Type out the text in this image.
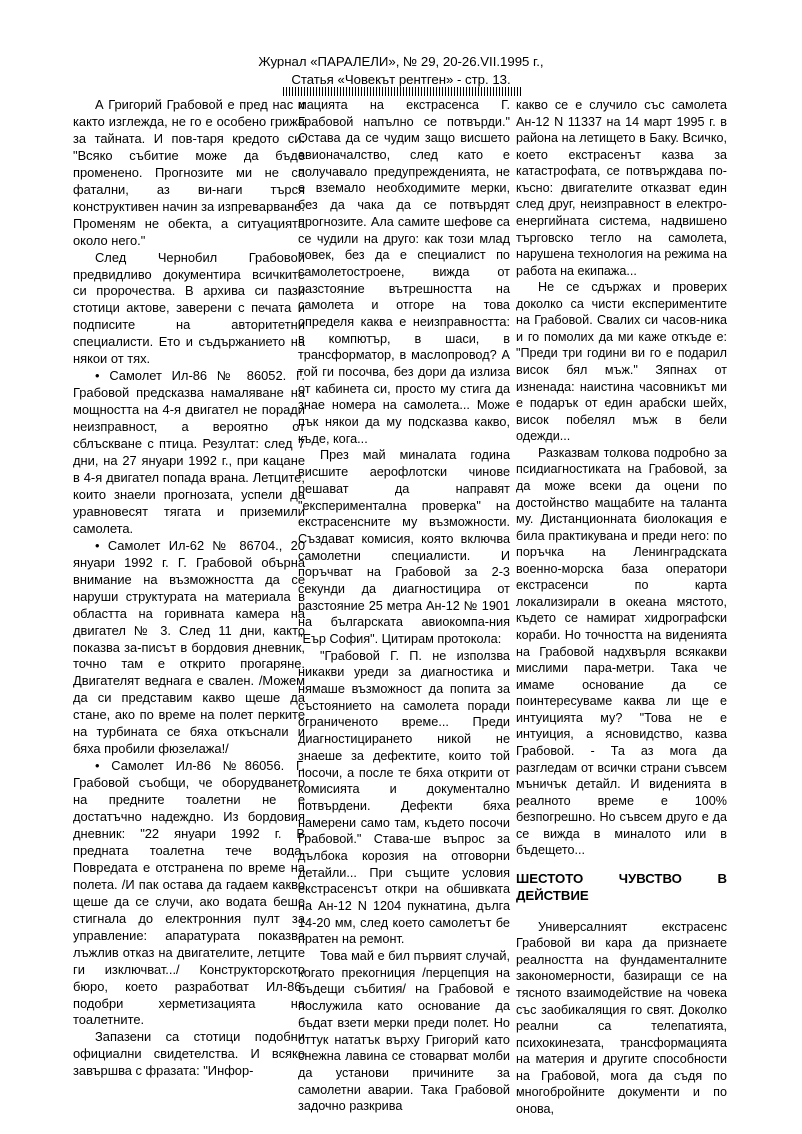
Журнал «ПАРАЛЕЛИ», № 29, 20-26.VII.1995 г.,
Статья «Човекът рентген» - стр. 13.

А Григорий Грабовой е пред нас и както изглежда, не го е особено грижа за тайната. И пов-таря кредото си: "Всяко събитие може да бъде променено. Прогнозите ми не са фатални, аз ви-наги търся конструктивен начин за изпреварване. Променям не обекта, а ситуацията около него."

След Чернобил Грабовой предвидливо документира всичките си пророчества. В архива си пази стотици актове, заверени с печата и подписите на авторитетни специалисти. Ето и съдържанието на някои от тях.

• Самолет Ил-86 № 86052. Г. Грабовой предсказва намаляване на мощността на 4-я двигател не поради неизправност, а вероятно от сблъскване с птица. Резултат: след 7 дни, на 27 януари 1992 г., при кацане в 4-я двигател попада врана. Летците, които знаели прогнозата, успели да уравновесят тягата и приземили самолета.

• Самолет Ил-62 № 86704., 20 януари 1992 г. Г. Грабовой обърна внимание на възможността да се наруши структурата на материала в областта на горивната камера на двигател № 3. След 11 дни, както показва за-писът в бордовия дневник, точно там е открито прогаряне. Двигателят веднага е свален. /Можем да си представим какво щеше да стане, ако по време на полет перките на турбината се бяха откъснали и бяха пробили фюзелажа!/

• Самолет Ил-86 №86056. Г. Грабовой съобщи, че оборудването на предните тоалетни не е достатъчно надеждно. Из бордовия дневник: "22 януари 1992 г. В предната тоалетна тече вода. Повредата е отстранена по време на полета. /И пак остава да гадаем какво щеше да се случи, ако водата беше стигнала до електронния пулт за управление: апаратурата показва лъжлив отказ на двигателите, летците ги изключват.../ Конструкторското бюро, което разработват Ил-86, подобри херметизацията на тоалетните.

Запазени са стотици подобни официални свидетелства. И всяко завършва с фразата: "Инфор-

мацията на екстрасенса Г. Грабовой напълно се потвърди." Остава да се чудим защо висшето авионачалство, след като е получавало предупрежденията, не е вземало необходимите мерки, без да чака да се потвърдят прогнозите. Ала самите шефове са се чудили на друго: как този млад човек, без да е специалист по самолетостроене, вижда от разстояние вътрешността на самолета и отгоре на това определя каква е неизправността: в компютър, в шаси, в трансформатор, в маслопровод? А той ги посочва, без дори да излиза от кабинета си, просто му стига да знае номера на самолета... Може пък някои да му подсказва какво, къде, кога...

През май миналата година висшите аерофлотски чинове решават да направят "експериментална проверка" на екстрасенсните му възможности. Създават комисия, която включва самолетни специалисти. И поръчват на Грабовой за 2-3 секунди да диагностицира от разстояние 25 метра Ан-12 № 1901 на българската авиокомпа-ния "Еър София". Цитирам протокола:

"Грабовой Г. П. не използва никакви уреди за диагностика и нямаше възможност да попита за състоянието на самолета поради ограниченото време... Преди диагностицирането никой не знаеше за дефектите, които той посочи, а после те бяха открити от комисията и документално потвърдени. Дефекти бяха намерени само там, където посочи Грабовой." Става-ше въпрос за дълбока корозия на отговорни детайли... При същите условия екстрасенсът откри на обшивката на Ан-12 N 1204 пукнатина, дълга 14-20 мм, след което самолетът бе пратен на ремонт.

Това май е бил първият случай, когато прекогниция /перцепция на бъдещи събития/ на Грабовой е послужила като основание да бъдат взети мерки преди полет. Но оттук нататък върху Григорий като снежна лавина се стоварват молби да установи причините за самолетни аварии. Така Грабовой задочно разкрива

какво се е случило със самолета Ан-12 N 11337 на 14 март 1995 г. в района на летището в Баку. Всичко, което екстрасенът казва за катастрофата, се потвърждава по-късно: двигателите отказват един след друг, неизправност в електро-енергийната система, надвишено търговско тегло на самолета, нарушена технология на режима на работа на екипажа...

Не се сдържах и проверих доколко са чисти експериментите на Грабовой. Свалих си часов-ника и го помолих да ми каже откъде е: "Преди три години ви го е подарил висок бял мъж." Зяпнах от изненада: наистина часовникът ми е подарък от един арабски шейх, висок побелял мъж в бели одежди...

Разказвам толкова подробно за псидиагностиката на Грабовой, за да може всеки да оцени по достойнство мащабите на таланта му. Дистанционната биолокация е била практикувана и преди него: по поръчка на Ленинградската военно-морска база оператори екстрасенси по карта локализирали в океана мястото, където се намират хидрографски кораби. Но точността на виденията на Грабовой надхвърля всякакви мислими пара-метри. Така че имаме основание да се поинтересуваме каква ли ще е интуицията му? "Това не е интуиция, а ясновидство, казва Грабовой. - Та аз мога да разгледам от всички страни съвсем мъничък детайл. И виденията в реалното време е 100% безпогрешно. Но съвсем друго е да се вижда в миналото или в бъдещето...

ШЕСТОТО ЧУВСТВО В ДЕЙСТВИЕ

Универсалният екстрасенс Грабовой ви кара да признаете реалността на фундаменталните закономерности, базиращи се на тясното взаимодействие на човека със заобикалящия го свят. Доколко реални са телепатията, психокинезата, трансформацията на материя и другите способности на Грабовой, мога да съдя по многобройните документи и по онова,
